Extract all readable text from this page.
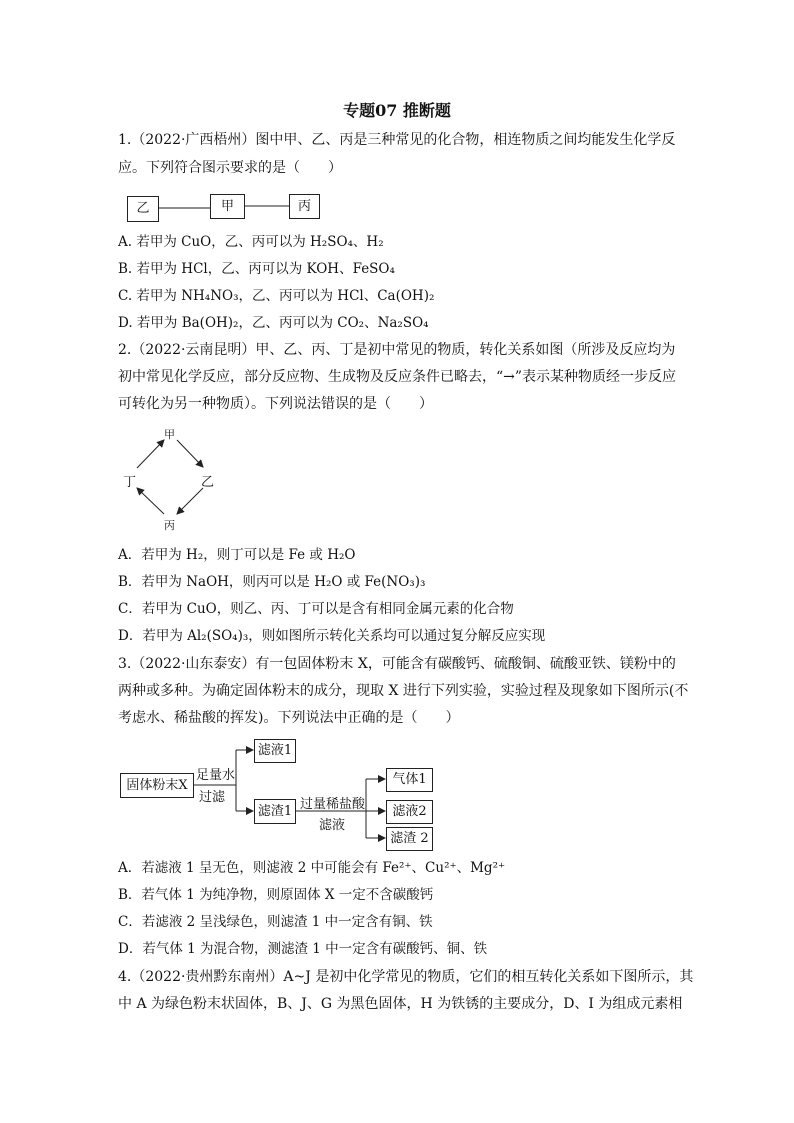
专题07 推断题
1.（2022·广西梧州）图中甲、乙、丙是三种常见的化合物，相连物质之间均能发生化学反
应。下列符合图示要求的是（　　）
乙	甲	丙
A. 若甲为 CuO，乙、丙可以为 H₂SO₄、H₂
B. 若甲为 HCl，乙、丙可以为 KOH、FeSO₄
C. 若甲为 NH₄NO₃，乙、丙可以为 HCl、Ca(OH)₂
D. 若甲为 Ba(OH)₂，乙、丙可以为 CO₂、Na₂SO₄
2.（2022·云南昆明）甲、乙、丙、丁是初中常见的物质，转化关系如图（所涉及反应均为
初中常见化学反应，部分反应物、生成物及反应条件已略去，“→”表示某种物质经一步反应
可转化为另一种物质）。下列说法错误的是（　　）
甲
乙
丙
丁
A．若甲为 H₂，则丁可以是 Fe 或 H₂O
B．若甲为 NaOH，则丙可以是 H₂O 或 Fe(NO₃)₃
C．若甲为 CuO，则乙、丙、丁可以是含有相同金属元素的化合物
D．若甲为 Al₂(SO₄)₃，则如图所示转化关系均可以通过复分解反应实现
3.（2022·山东泰安）有一包固体粉末 X，可能含有碳酸钙、硫酸铜、硫酸亚铁、镁粉中的
两种或多种。为确定固体粉末的成分，现取 X 进行下列实验，实验过程及现象如下图所示(不
考虑水、稀盐酸的挥发)。下列说法中正确的是（　　）
固体粉末X
足量水
过滤
滤液1
滤渣1 过量稀盐酸
滤液
气体1
滤液2
滤渣 2
A．若滤液 1 呈无色，则滤液 2 中可能会有 Fe²⁺、Cu²⁺、Mg²⁺
B．若气体 1 为纯净物，则原固体 X 一定不含碳酸钙
C．若滤液 2 呈浅绿色，则滤渣 1 中一定含有铜、铁
D．若气体 1 为混合物，测滤渣 1 中一定含有碳酸钙、铜、铁
4.（2022·贵州黔东南州）A~J 是初中化学常见的物质，它们的相互转化关系如下图所示，其
中 A 为绿色粉末状固体，B、J、G 为黑色固体，H 为铁锈的主要成分，D、I 为组成元素相
